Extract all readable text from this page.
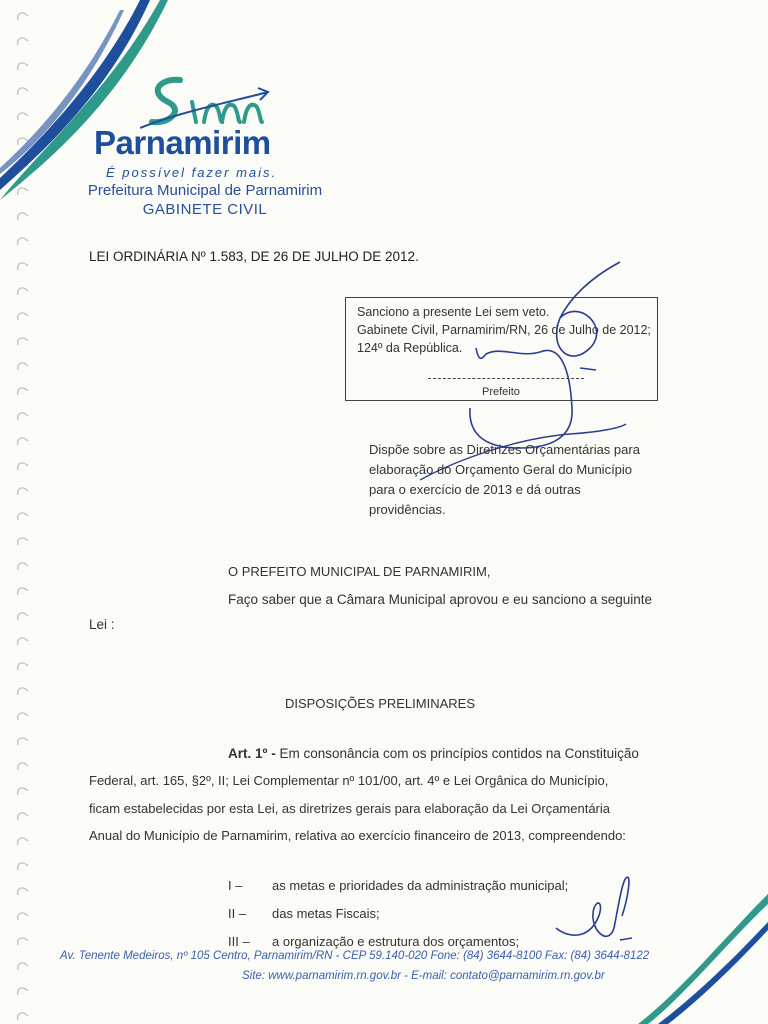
Parnamirim
É possível fazer mais.
Prefeitura Municipal de Parnamirim
GABINETE CIVIL
LEI ORDINÁRIA Nº 1.583, DE 26 DE JULHO DE 2012.
Sanciono a presente Lei sem veto.
Gabinete Civil, Parnamirim/RN, 26 de Julho de 2012;
124º da República.
Prefeito
Dispõe sobre as Diretrizes Orçamentárias para
elaboração do Orçamento Geral do Município
para o exercício de 2013 e dá outras providências.
O PREFEITO MUNICIPAL DE PARNAMIRIM,
Faço saber que a Câmara Municipal aprovou e eu sanciono a seguinte
Lei :
DISPOSIÇÕES PRELIMINARES
Art. 1º - Em consonância com os princípios contidos na Constituição
Federal, art. 165, §2º, II; Lei Complementar nº 101/00, art. 4º e Lei Orgânica do Município,
ficam estabelecidas por esta Lei, as diretrizes gerais para elaboração da Lei Orçamentária
Anual do Município de Parnamirim, relativa ao exercício financeiro de 2013, compreendendo:
I – as metas e prioridades da administração municipal;
II – das metas Fiscais;
III – a organização e estrutura dos orçamentos;
Av. Tenente Medeiros, nº 105 Centro, Parnamirim/RN - CEP 59.140-020 Fone: (84) 3644-8100 Fax: (84) 3644-8122
Site: www.parnamirim.rn.gov.br - E-mail: contato@parnamirim.rn.gov.br
